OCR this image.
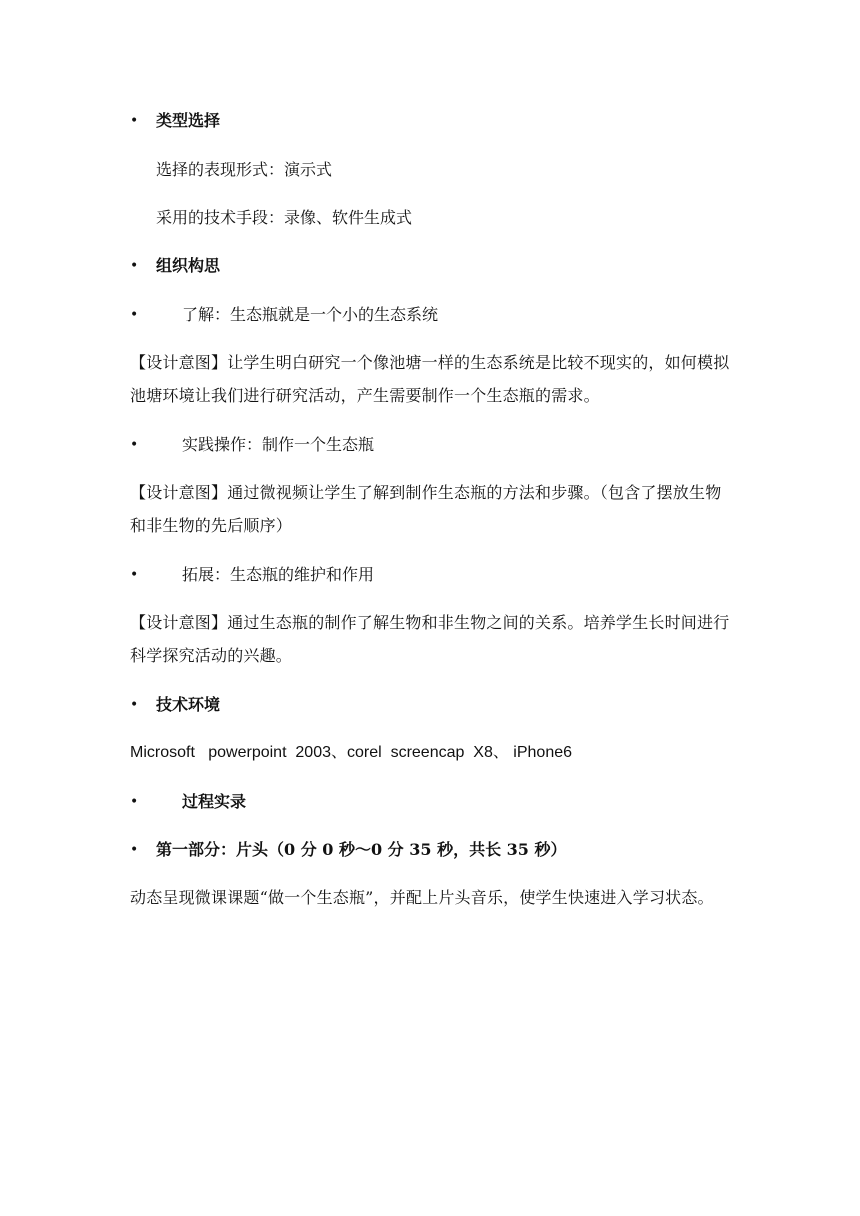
• 类型选择
选择的表现形式：演示式
采用的技术手段：录像、软件生成式
• 组织构思
•	了解：生态瓶就是一个小的生态系统
【设计意图】让学生明白研究一个像池塘一样的生态系统是比较不现实的，如何模拟池塘环境让我们进行研究活动，产生需要制作一个生态瓶的需求。
•	实践操作：制作一个生态瓶
【设计意图】通过微视频让学生了解到制作生态瓶的方法和步骤。（包含了摆放生物和非生物的先后顺序）
•	拓展：生态瓶的维护和作用
【设计意图】通过生态瓶的制作了解生物和非生物之间的关系。培养学生长时间进行科学探究活动的兴趣。
• 技术环境
Microsoft   powerpoint  2003、corel  screencap  X8、 iPhone6
•	过程实录
• 第一部分：片头（0 分 0 秒～0 分 35 秒，共长 35 秒）
动态呈现微课课题“做一个生态瓶”，并配上片头音乐，使学生快速进入学习状态。
